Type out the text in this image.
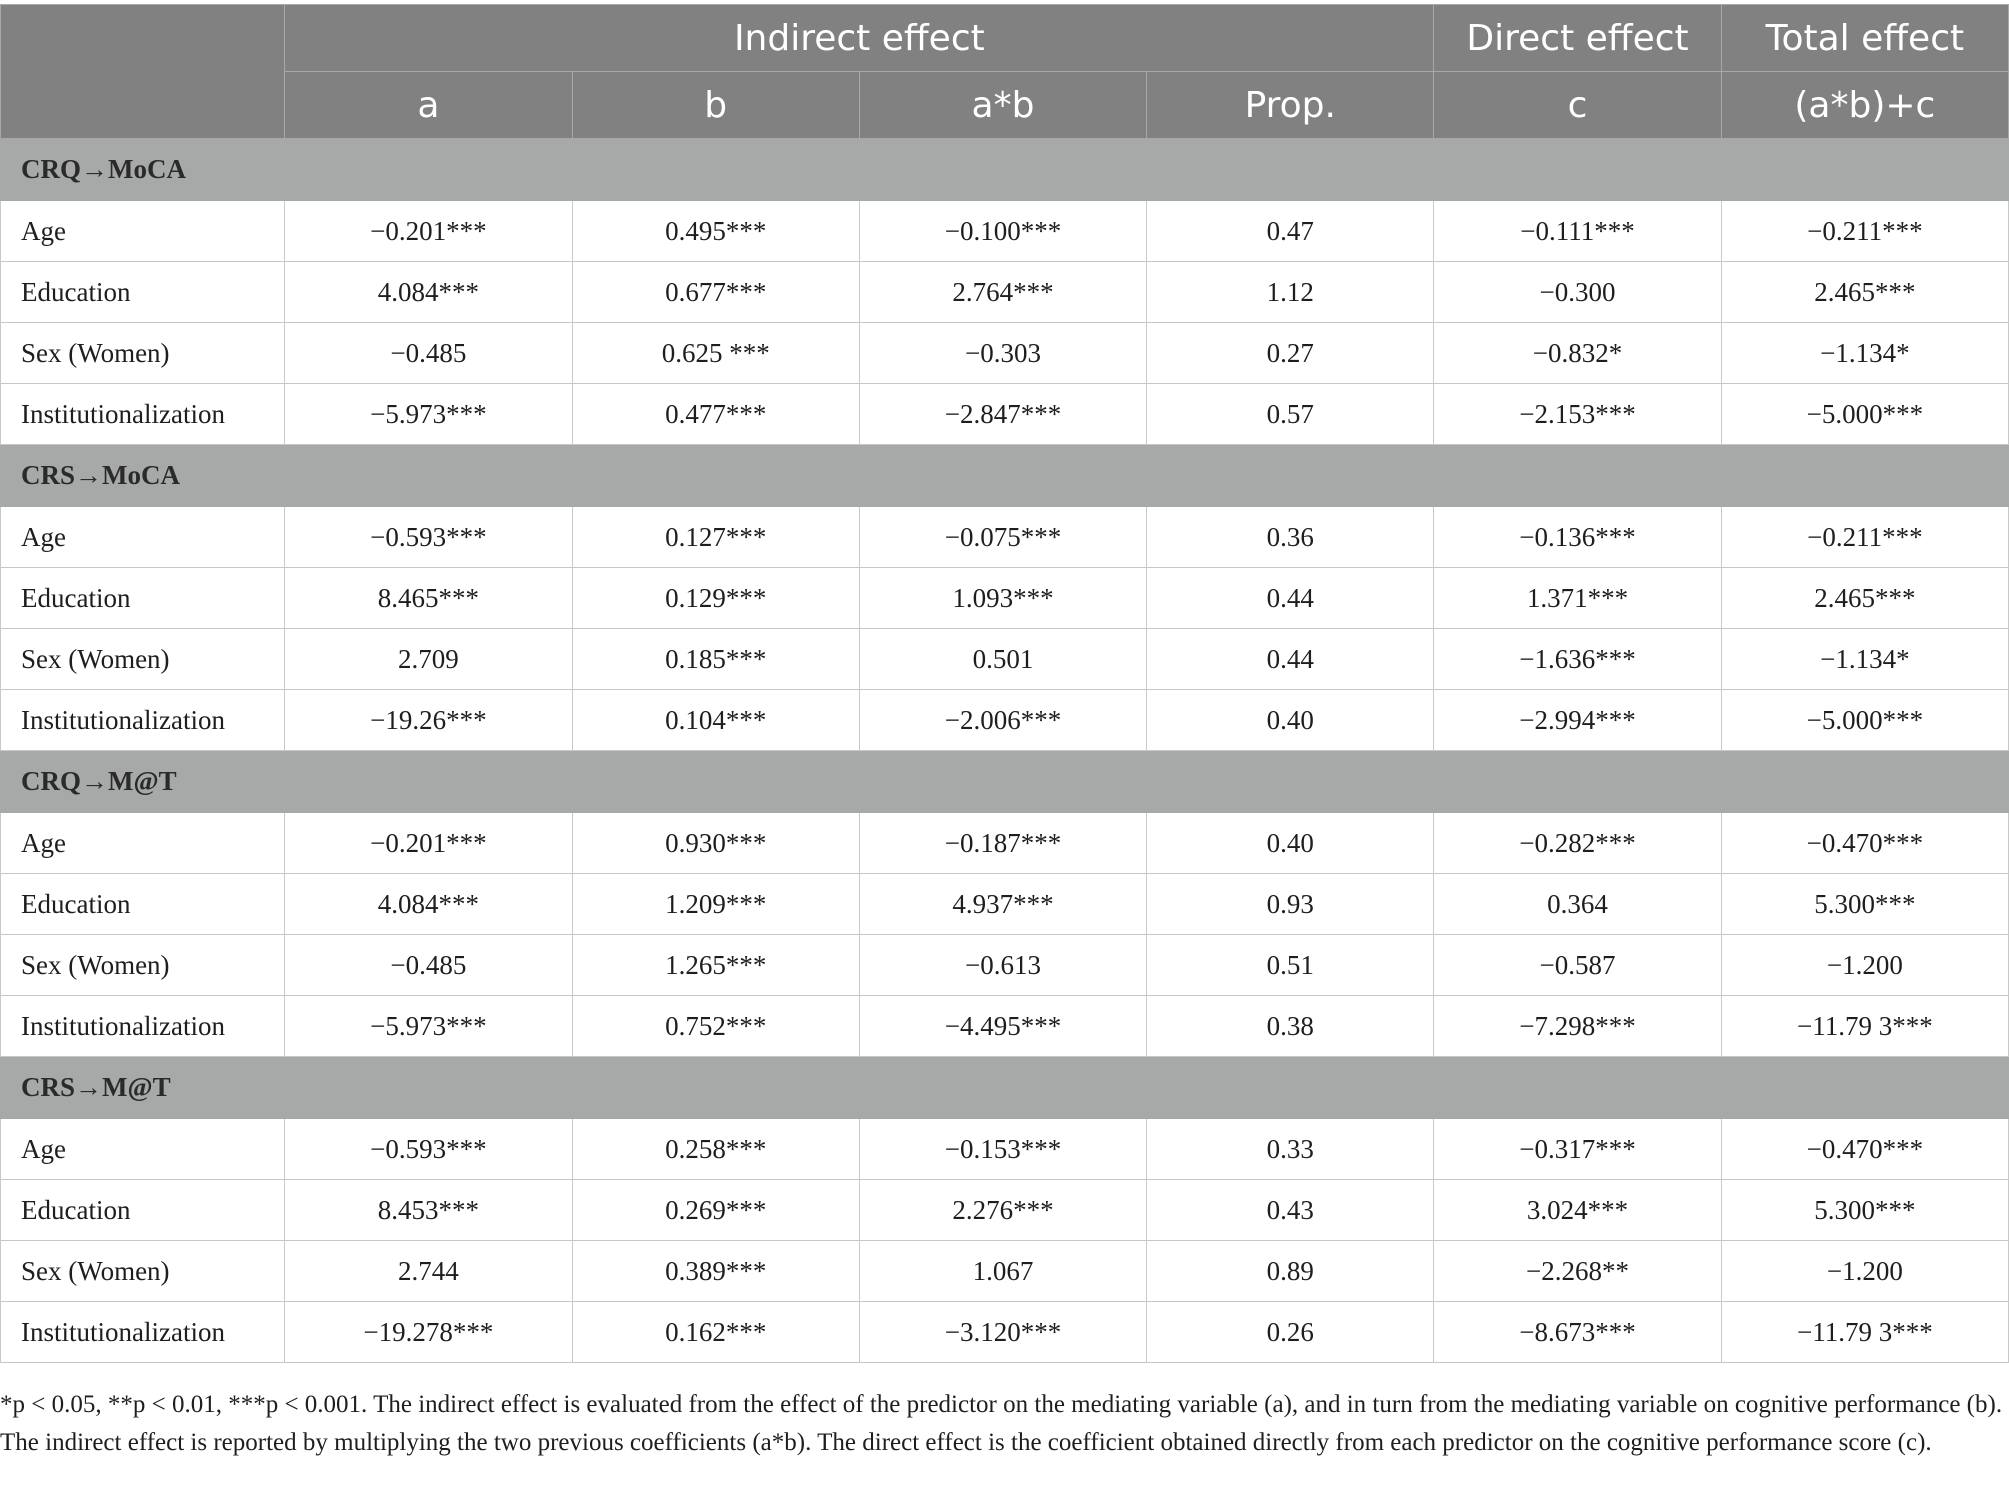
	Indirect effect				Direct effect	Total effect
	a	b	a*b	Prop.	c	(a*b)+c
CRQ→MoCA						
Age	−0.201***	0.495***	−0.100***	0.47	−0.111***	−0.211***
Education	4.084***	0.677***	2.764***	1.12	−0.300	2.465***
Sex (Women)	−0.485	0.625 ***	−0.303	0.27	−0.832*	−1.134*
Institutionalization	−5.973***	0.477***	−2.847***	0.57	−2.153***	−5.000***
CRS→MoCA						
Age	−0.593***	0.127***	−0.075***	0.36	−0.136***	−0.211***
Education	8.465***	0.129***	1.093***	0.44	1.371***	2.465***
Sex (Women)	2.709	0.185***	0.501	0.44	−1.636***	−1.134*
Institutionalization	−19.26***	0.104***	−2.006***	0.40	−2.994***	−5.000***
CRQ→M@T						
Age	−0.201***	0.930***	−0.187***	0.40	−0.282***	−0.470***
Education	4.084***	1.209***	4.937***	0.93	0.364	5.300***
Sex (Women)	−0.485	1.265***	−0.613	0.51	−0.587	−1.200
Institutionalization	−5.973***	0.752***	−4.495***	0.38	−7.298***	−11.79 3***
CRS→M@T						
Age	−0.593***	0.258***	−0.153***	0.33	−0.317***	−0.470***
Education	8.453***	0.269***	2.276***	0.43	3.024***	5.300***
Sex (Women)	2.744	0.389***	1.067	0.89	−2.268**	−1.200
Institutionalization	−19.278***	0.162***	−3.120***	0.26	−8.673***	−11.79 3***

*p < 0.05, **p < 0.01, ***p < 0.001. The indirect effect is evaluated from the effect of the predictor on the mediating variable (a), and in turn from the mediating variable on cognitive performance (b). The indirect effect is reported by multiplying the two previous coefficients (a*b). The direct effect is the coefficient obtained directly from each predictor on the cognitive performance score (c).
